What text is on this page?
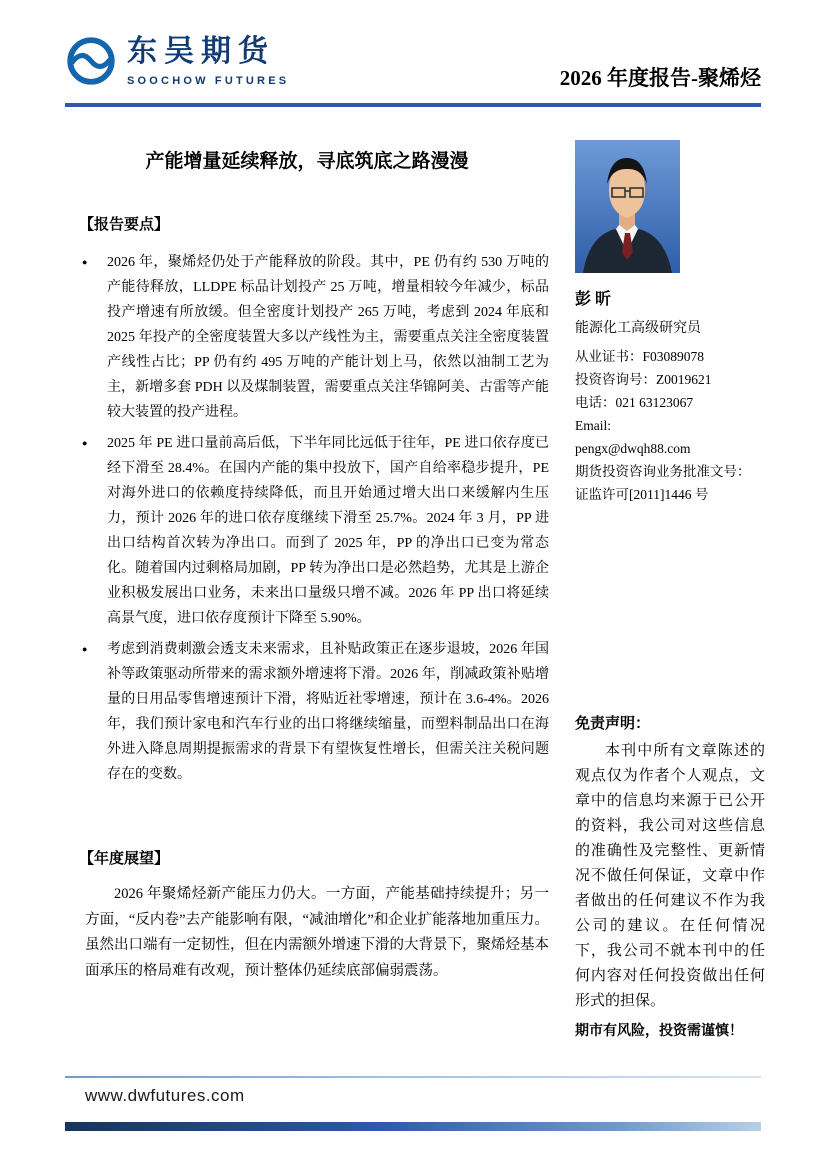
东吴期货
SOOCHOW FUTURES	2026 年度报告-聚烯烃
产能增量延续释放，寻底筑底之路漫漫
【报告要点】
●	2026 年，聚烯烃仍处于产能释放的阶段。其中，PE 仍有约 530 万吨的产能待释放，LLDPE 标品计划投产 25 万吨，增量相较今年减少，标品投产增速有所放缓。但全密度计划投产 265 万吨，考虑到 2024 年底和 2025 年投产的全密度装置大多以产线性为主，需要重点关注全密度装置产线性占比；PP 仍有约 495 万吨的产能计划上马，依然以油制工艺为主，新增多套 PDH 以及煤制装置，需要重点关注华锦阿美、古雷等产能较大装置的投产进程。

●	2025 年 PE 进口量前高后低，下半年同比远低于往年，PE 进口依存度已经下滑至 28.4%。在国内产能的集中投放下，国产自给率稳步提升，PE 对海外进口的依赖度持续降低，而且开始通过增大出口来缓解内生压力，预计 2026 年的进口依存度继续下滑至 25.7%。2024 年 3 月，PP 进出口结构首次转为净出口。而到了 2025 年，PP 的净出口已变为常态化。随着国内过剩格局加剧，PP 转为净出口是必然趋势，尤其是上游企业积极发展出口业务，未来出口量级只增不减。2026 年 PP 出口将延续高景气度，进口依存度预计下降至 5.90%。

●	考虑到消费刺激会透支未来需求，且补贴政策正在逐步退坡，2026 年国补等政策驱动所带来的需求额外增速将下滑。2026 年，削减政策补贴增量的日用品零售增速预计下滑，将贴近社零增速，预计在 3.6-4%。2026 年，我们预计家电和汽车行业的出口将继续缩量，而塑料制品出口在海外进入降息周期提振需求的背景下有望恢复性增长，但需关注关税问题存在的变数。

【年度展望】

2026 年聚烯烃新产能压力仍大。一方面，产能基础持续提升；另一方面，“反内卷”去产能影响有限，“减油增化”和企业扩能落地加重压力。虽然出口端有一定韧性，但在内需额外增速下滑的大背景下，聚烯烃基本面承压的格局难有改观，预计整体仍延续底部偏弱震荡。

彭 昕
能源化工高级研究员
从业证书：F03089078
投资咨询号：Z0019621
电话：021 63123067
Email:
pengx@dwqh88.com
期货投资咨询业务批准文号：
证监许可[2011]1446 号
免责声明：

本刊中所有文章陈述的观点仅为作者个人观点，文章中的信息均来源于已公开的资料，我公司对这些信息的准确性及完整性、更新情况不做任何保证，文章中作者做出的任何建议不作为我公司的建议。在任何情况下，我公司不就本刊中的任何内容对任何投资做出任何形式的担保。

期市有风险，投资需谨慎！
www.dwfutures.com
